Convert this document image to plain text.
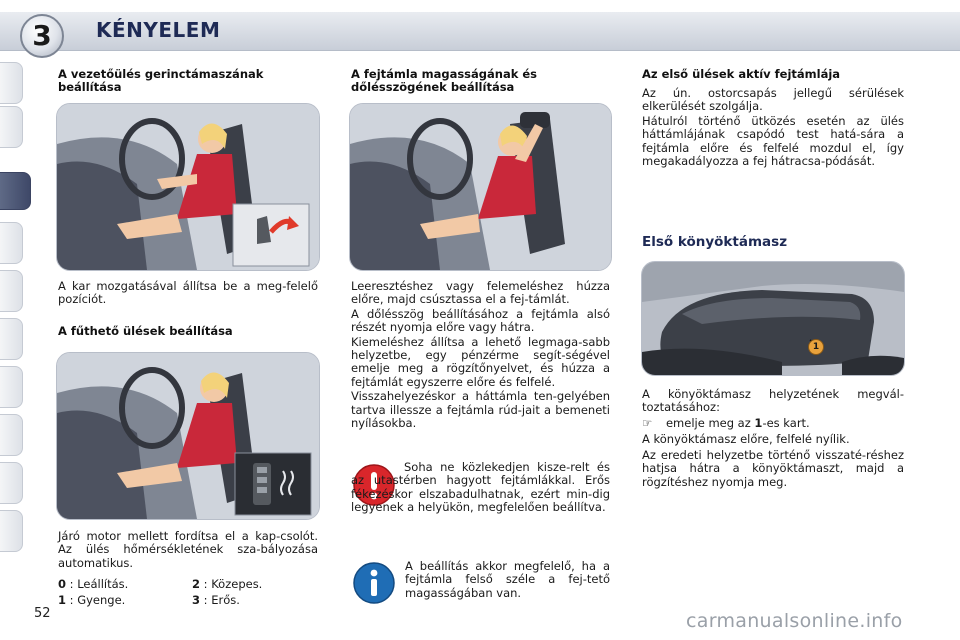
3	KÉNYELEM
A vezetőülés gerinctámaszának beállítása
A kar mozgatásával állítsa be a meg-felelő pozíciót.
A fűthető ülések beállítása
Járó motor mellett fordítsa el a kap-csolót. Az ülés hőmérsékletének sza-bályozása automatikus.
0 : Leállítás.	2 : Közepes.
1 : Gyenge.	3 : Erős.
A fejtámla magasságának és dőlésszögének beállítása
Leeresztéshez vagy felemeléshez húzza előre, majd csúsztassa el a fej-támlát.
A dőlésszög beállításához a fejtámla alsó részét nyomja előre vagy hátra.
Kiemeléshez állítsa a lehető legmaga-sabb helyzetbe, egy pénzérme segít-ségével emelje meg a rögzítőnyelvet, és húzza a fejtámlát egyszerre előre és felfelé.
Visszahelyezéskor a háttámla ten-gelyében tartva illessze a fejtámla rúd-jait a bemeneti nyílásokba.
Soha ne közlekedjen kisze-relt és az utastérben hagyott fejtámlákkal. Erős fékezéskor elszabadulhatnak, ezért min-dig legyenek a helyükön, megfelelően beállítva.
A beállítás akkor megfelelő, ha a fejtámla felső széle a fej-tető magasságában van.
Az első ülések aktív fejtámlája
Az ún. ostorcsapás jellegű sérülések elkerülését szolgálja.
Hátulról történő ütközés esetén az ülés háttámlájának csapódó test hatá-sára a fejtámla előre és felfelé mozdul el, így megakadályozza a fej hátracsa-pódását.
Első könyöktámasz
1
A könyöktámasz helyzetének megvál-toztatásához:
☞ emelje meg az 1-es kart.
A könyöktámasz előre, felfelé nyílik.
Az eredeti helyzetbe történő visszaté-réshez hatjsa hátra a könyöktámaszt, majd a rögzítéshez nyomja meg.
52	carmanualsonline.info
